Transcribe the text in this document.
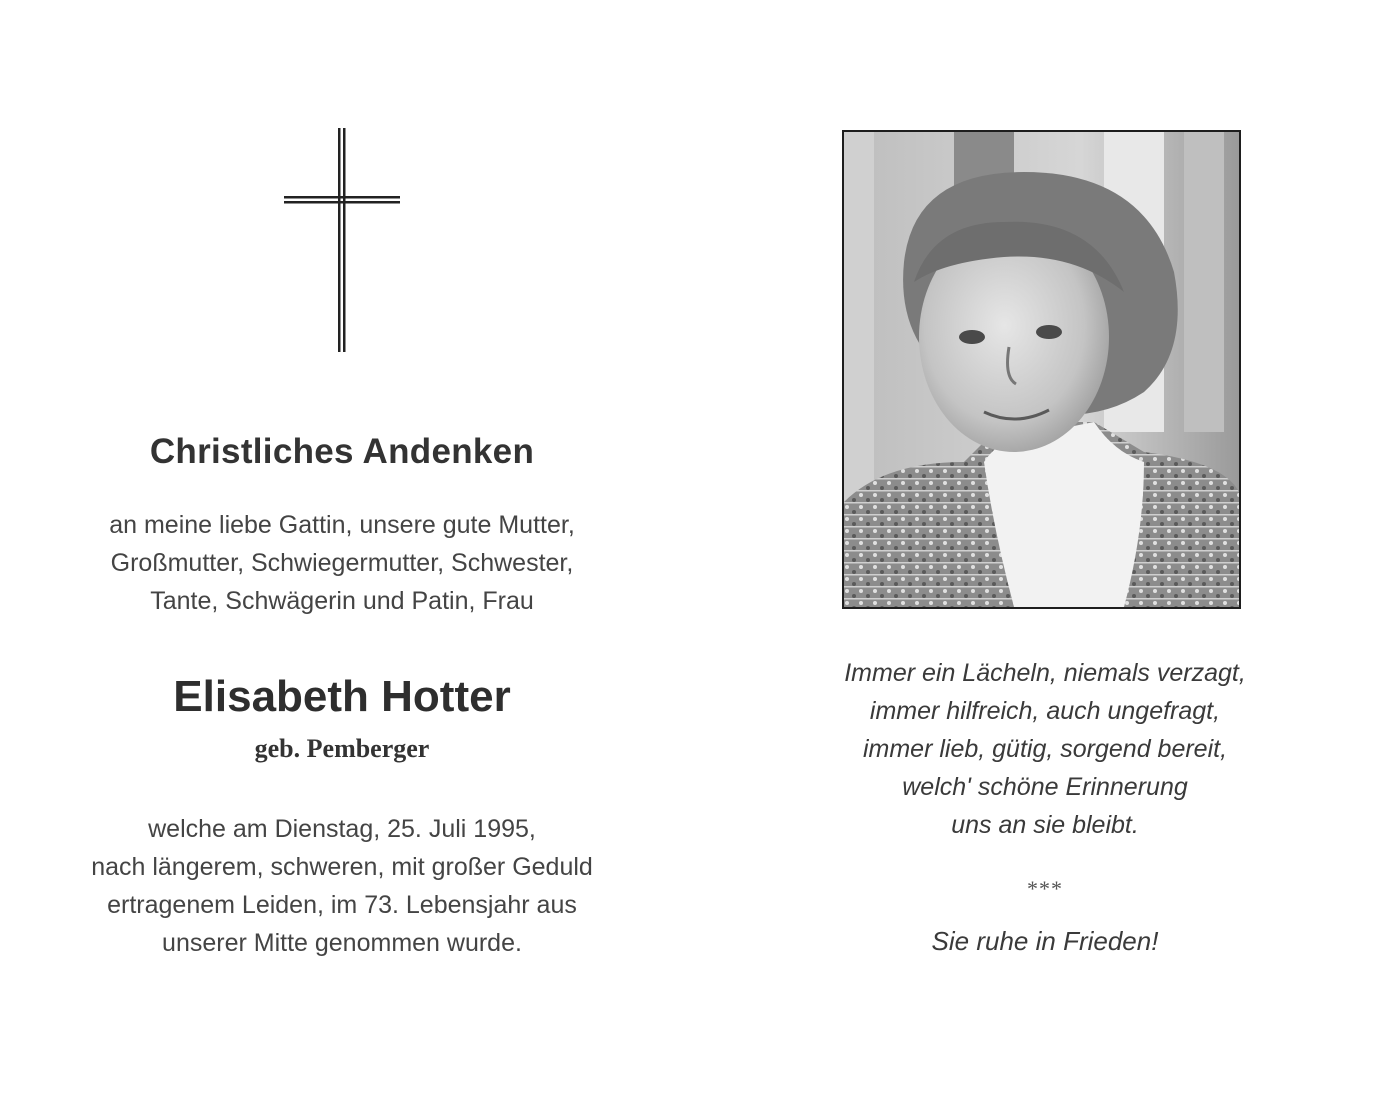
Christliches Andenken
an meine liebe Gattin, unsere gute Mutter,
Großmutter, Schwiegermutter, Schwester,
Tante, Schwägerin und Patin, Frau
Elisabeth Hotter
geb. Pemberger
welche am Dienstag, 25. Juli 1995,
nach längerem, schweren, mit großer Geduld
ertragenem Leiden, im 73. Lebensjahr aus
unserer Mitte genommen wurde.
Immer ein Lächeln, niemals verzagt,
immer hilfreich, auch ungefragt,
immer lieb, gütig, sorgend bereit,
welch' schöne Erinnerung
uns an sie bleibt.
***
Sie ruhe in Frieden!
